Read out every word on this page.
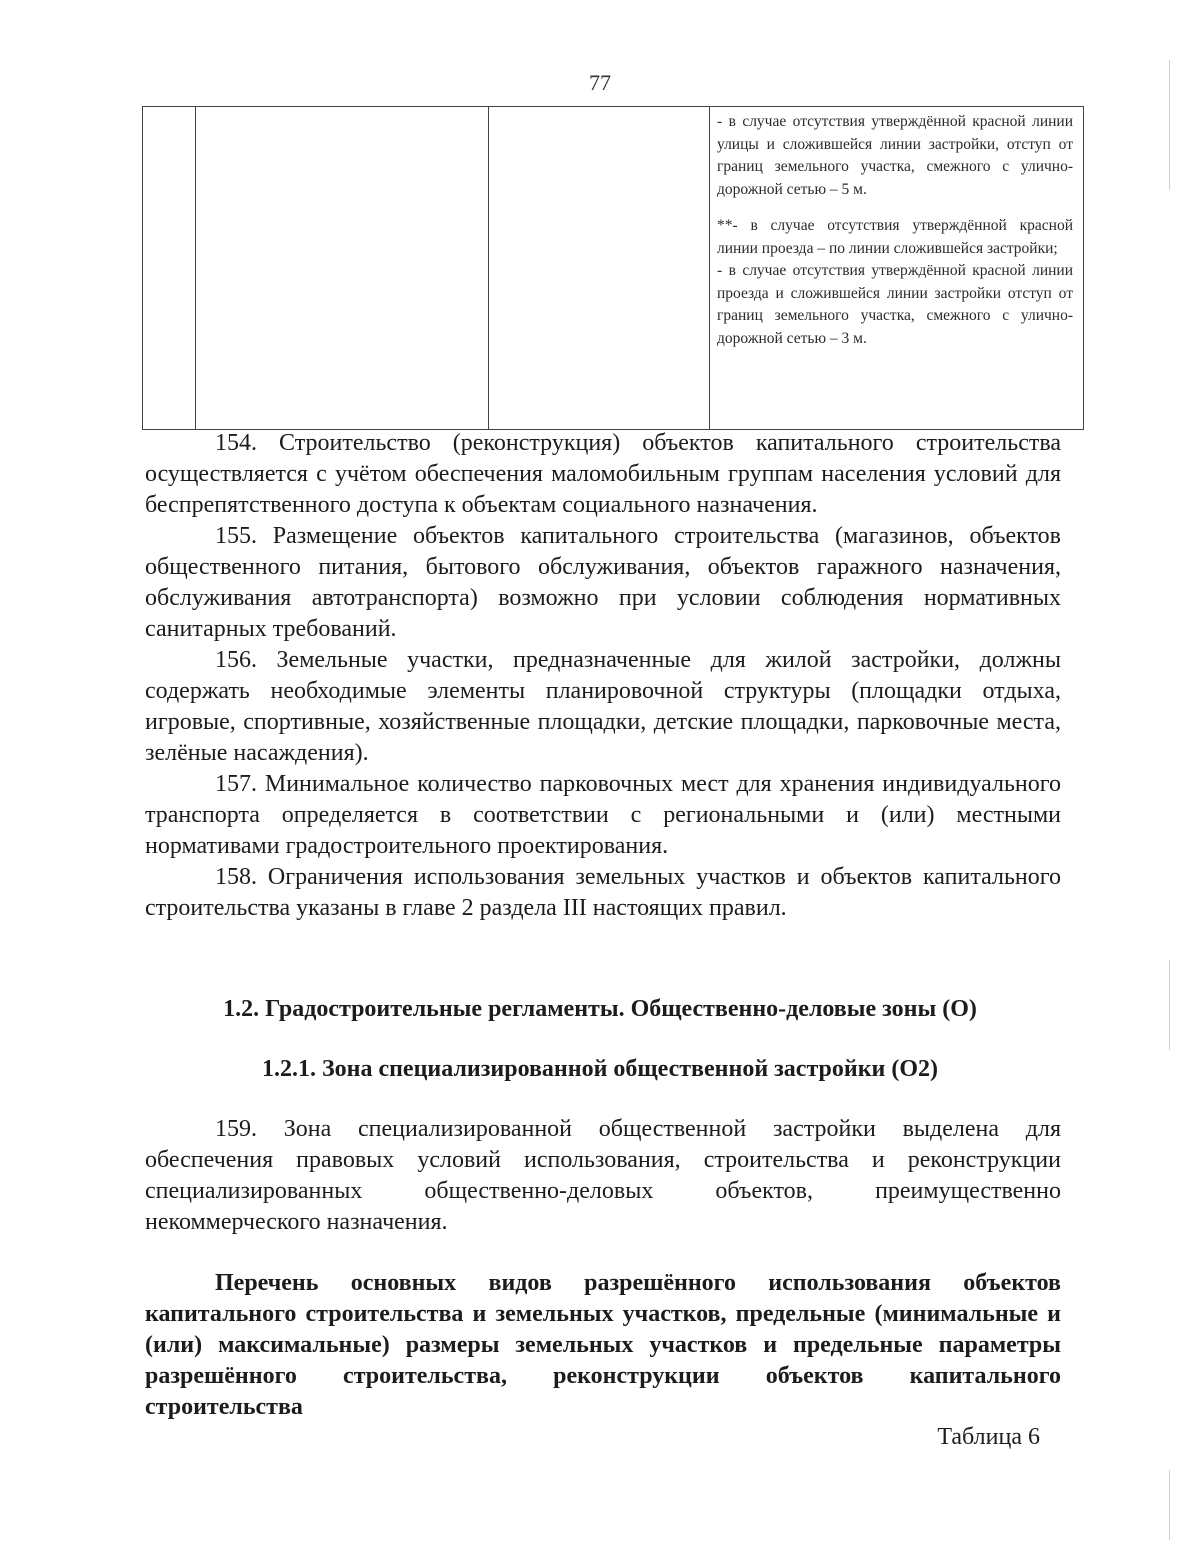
77

- в случае отсутствия утверждённой красной линии улицы и сложившейся линии застройки, отступ от границ земельного участка, смежного с улично-дорожной сетью – 5 м.

**- в случае отсутствия утверждённой красной линии проезда – по линии сложившейся застройки;

- в случае отсутствия утверждённой красной линии проезда и сложившейся линии застройки отступ от границ земельного участка, смежного с улично-дорожной сетью – 3 м.

154. Строительство (реконструкция) объектов капитального строительства осуществляется с учётом обеспечения маломобильным группам населения условий для беспрепятственного доступа к объектам социального назначения.

155. Размещение объектов капитального строительства (магазинов, объектов общественного питания, бытового обслуживания, объектов гаражного назначения, обслуживания автотранспорта) возможно при условии соблюдения нормативных санитарных требований.

156. Земельные участки, предназначенные для жилой застройки, должны содержать необходимые элементы планировочной структуры (площадки отдыха, игровые, спортивные, хозяйственные площадки, детские площадки, парковочные места, зелёные насаждения).

157. Минимальное количество парковочных мест для хранения индивидуального транспорта определяется в соответствии с региональными и (или) местными нормативами градостроительного проектирования.

158. Ограничения использования земельных участков и объектов капитального строительства указаны в главе 2 раздела III настоящих правил.

1.2. Градостроительные регламенты. Общественно-деловые зоны (О)
1.2.1. Зона специализированной общественной застройки (О2)

159. Зона специализированной общественной застройки выделена для обеспечения правовых условий использования, строительства и реконструкции специализированных общественно-деловых объектов, преимущественно некоммерческого назначения.

Перечень основных видов разрешённого использования объектов капитального строительства и земельных участков, предельные (минимальные и (или) максимальные) размеры земельных участков и предельные параметры разрешённого строительства, реконструкции объектов капитального строительства

Таблица 6
